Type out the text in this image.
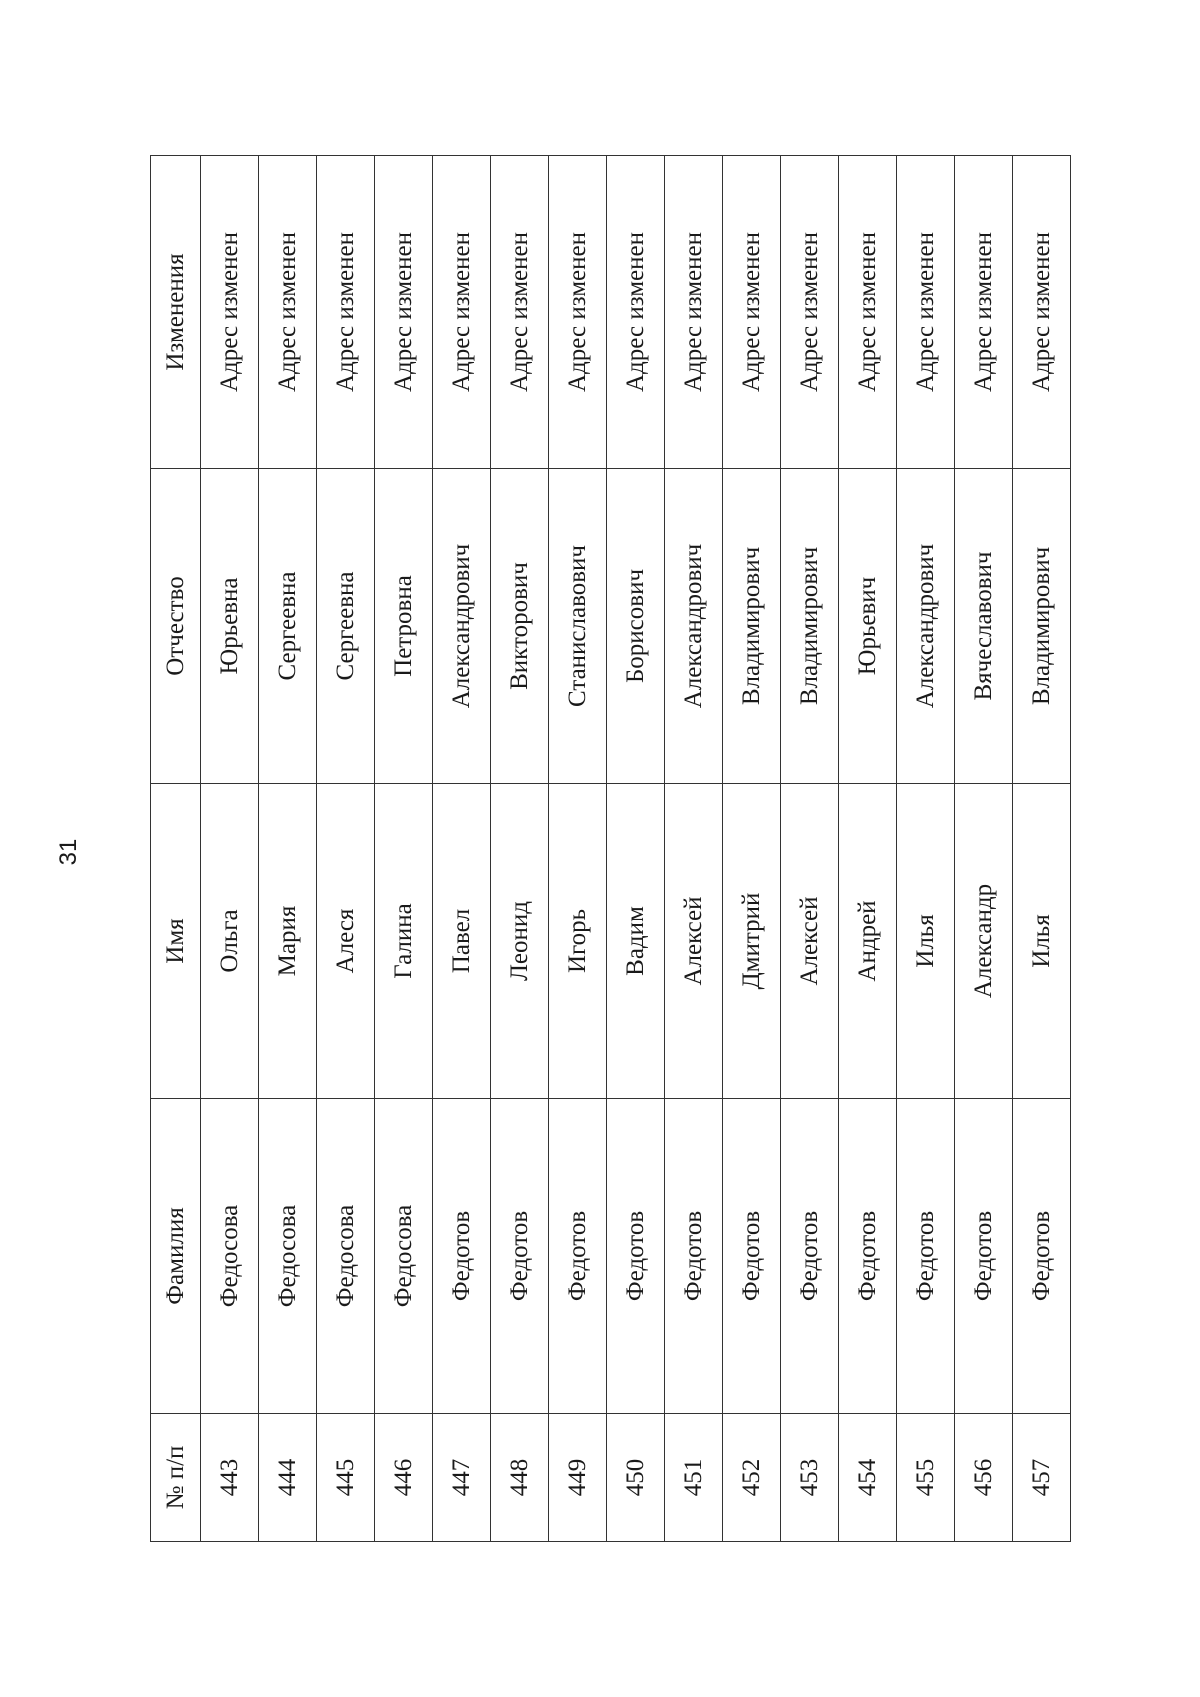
31
№ п/п	Фамилия	Имя	Отчество	Изменения
443	Федосова	Ольга	Юрьевна	Адрес изменен
444	Федосова	Мария	Сергеевна	Адрес изменен
445	Федосова	Алеся	Сергеевна	Адрес изменен
446	Федосова	Галина	Петровна	Адрес изменен
447	Федотов	Павел	Александрович	Адрес изменен
448	Федотов	Леонид	Викторович	Адрес изменен
449	Федотов	Игорь	Станиславович	Адрес изменен
450	Федотов	Вадим	Борисович	Адрес изменен
451	Федотов	Алексей	Александрович	Адрес изменен
452	Федотов	Дмитрий	Владимирович	Адрес изменен
453	Федотов	Алексей	Владимирович	Адрес изменен
454	Федотов	Андрей	Юрьевич	Адрес изменен
455	Федотов	Илья	Александрович	Адрес изменен
456	Федотов	Александр	Вячеславович	Адрес изменен
457	Федотов	Илья	Владимирович	Адрес изменен
